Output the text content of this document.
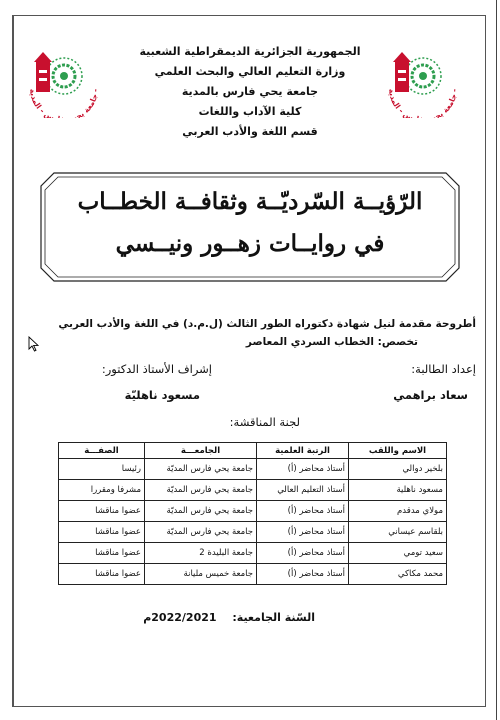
جامعة يحي س - المدية -
جامعة يحي س - المدية -
الجمهورية الجزائرية الديمقراطية الشعبية
وزارة التعليم العالي والبحث العلمي
جامعة يحي فارس بالمدية
كلية الآداب واللغات
قسم اللغة والأدب العربي
الرّؤيــة السّرديّــة وثقافــة الخطــاب
في روايــات زهــور ونيــسي
أطروحة مقدمة لنيل شهادة دكتوراه الطور الثالث (ل.م.د) في اللغة والأدب العربي
تخصص: الخطاب السردي المعاصر
إعداد الطالبة:
إشراف الأستاذ الدكتور:
سعاد براهمي
مسعود ناهليّة
لجنة المناقشة:
الاسم واللقب	الرتبة العلمية	الجامعـــة	الصفـــة
بلخير دوالي	أستاذ محاضر (أ)	جامعة يحي فارس المديّة	رئيسا
مسعود ناهلية	أستاذ التعليم العالي	جامعة يحي فارس المديّة	مشرفا ومقررا
مولاي مدقدم	أستاذ محاضر (أ)	جامعة يحي فارس المديّة	عضوا مناقشا
بلقاسم عيساني	أستاذ محاضر (أ)	جامعة يحي فارس المديّة	عضوا مناقشا
سعيد تومي	أستاذ محاضر (أ)	جامعة البليدة 2	عضوا مناقشا
محمد مكاكي	أستاذ محاضر (أ)	جامعة خميس مليانة	عضوا مناقشا
السّنة الجامعية: 2022/2021م
